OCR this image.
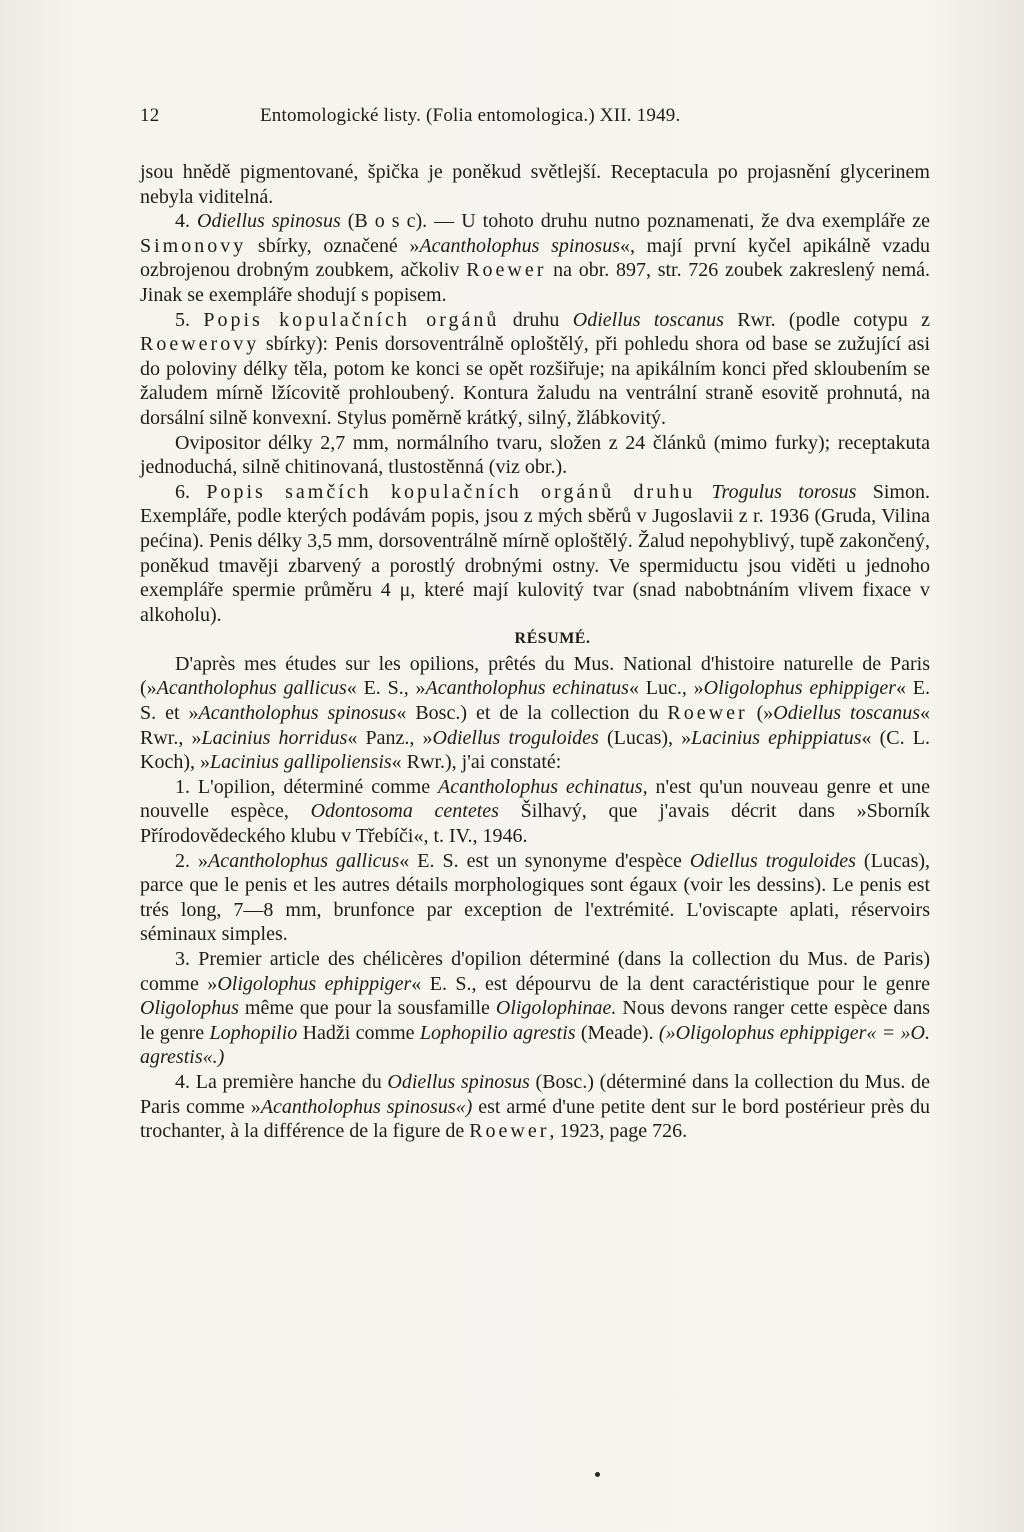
12	Entomologické listy. (Folia entomologica.) XII. 1949.

jsou hnědě pigmentované, špička je poněkud světlejší. Receptacula po projasnění glycerinem nebyla viditelná.

4. Odiellus spinosus (B o s c). — U tohoto druhu nutno poznamenati, že dva exempláře ze Simonovy sbírky, označené »Acantholophus spinosus«, mají první kyčel apikálně vzadu ozbrojenou drobným zoubkem, ačkoliv Roewer na obr. 897, str. 726 zoubek zakreslený nemá. Jinak se exempláře shodují s popisem.

5. Popis kopulačních orgánů druhu Odiellus toscanus Rwr. (podle cotypu z Roewerovy sbírky): Penis dorsoventrálně oploštělý, při pohledu shora od base se zužující asi do poloviny délky těla, potom ke konci se opět rozšiřuje; na apikálním konci před skloubením se žaludem mírně lžícovitě prohloubený. Kontura žaludu na ventrální straně esovitě prohnutá, na dorsální silně konvexní. Stylus poměrně krátký, silný, žlábkovitý.

Ovipositor délky 2,7 mm, normálního tvaru, složen z 24 článků (mimo furky); receptakuta jednoduchá, silně chitinovaná, tlustostěnná (viz obr.).

6. Popis samčích kopulačních orgánů druhu Trogulus torosus Simon. Exempláře, podle kterých podávám popis, jsou z mých sběrů v Jugoslavii z r. 1936 (Gruda, Vilina pećina). Penis délky 3,5 mm, dorsoventrálně mírně oploštělý. Žalud nepohyblivý, tupě zakončený, poněkud tmavěji zbarvený a porostlý drobnými ostny. Ve spermiductu jsou viděti u jednoho exempláře spermie průměru 4 μ, které mají kulovitý tvar (snad nabobtnáním vlivem fixace v alkoholu).

RÉSUMÉ.

D'après mes études sur les opilions, prêtés du Mus. National d'histoire naturelle de Paris (»Acantholophus gallicus« E. S., »Acantholophus echinatus« Luc., »Oligolophus ephippiger« E. S. et »Acantholophus spinosus« Bosc.) et de la collection du Roewer (»Odiellus toscanus« Rwr., »Lacinius horridus« Panz., »Odiellus troguloides (Lucas), »Lacinius ephippiatus« (C. L. Koch), »Lacinius gallipoliensis« Rwr.), j'ai constaté:

1. L'opilion, déterminé comme Acantholophus echinatus, n'est qu'un nouveau genre et une nouvelle espèce, Odontosoma centetes Šilhavý, que j'avais décrit dans »Sborník Přírodovědeckého klubu v Třebíči«, t. IV., 1946.

2. »Acantholophus gallicus« E. S. est un synonyme d'espèce Odiellus troguloides (Lucas), parce que le penis et les autres détails morphologiques sont égaux (voir les dessins). Le penis est trés long, 7—8 mm, brunfonce par exception de l'extrémité. L'oviscapte aplati, réservoirs séminaux simples.

3. Premier article des chélicères d'opilion déterminé (dans la collection du Mus. de Paris) comme »Oligolophus ephippiger« E. S., est dépourvu de la dent caractéristique pour le genre Oligolophus même que pour la sousfamille Oligolophinae. Nous devons ranger cette espèce dans le genre Lophopilio Hadži comme Lophopilio agrestis (Meade). (»Oligolophus ephippiger« = »O. agrestis«.)

4. La première hanche du Odiellus spinosus (Bosc.) (déterminé dans la collection du Mus. de Paris comme »Acantholophus spinosus«) est armé d'une petite dent sur le bord postérieur près du trochanter, à la différence de la figure de Roewer, 1923, page 726.
